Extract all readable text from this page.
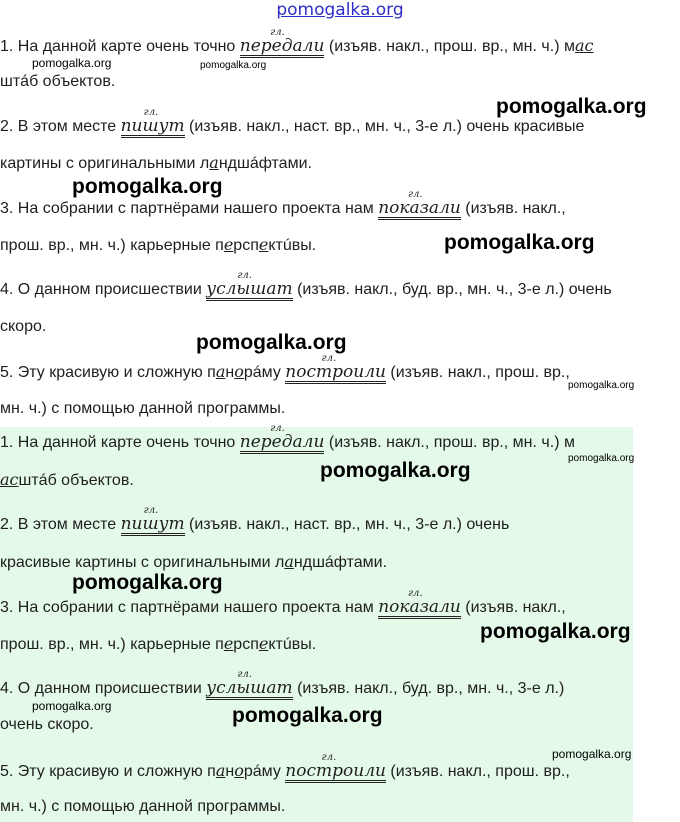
pomogalka.org
1. На данной карте очень точно
гл.
передали (изъяв. накл., прош. вр., мн. ч.) мас
штáб объектов.
2. В этом месте
гл.
пишут (изъяв. накл., наст. вр., мн. ч., 3-е л.) очень красивые
картины с оригинальными ландшáфтами.
3. На собрании с партнёрами нашего проекта нам
гл.
показали (изъяв. накл.,
прош. вр., мн. ч.) карьерные перспектúвы.
4. О данном происшествии
гл.
услышат (изъяв. накл., буд. вр., мн. ч., 3-е л.) очень
скоро.
5. Эту красивую и сложную панорáму
гл.
построили (изъяв. накл., прош. вр.,
мн. ч.) с помощью данной программы.
1. На данной карте очень точно
гл.
передали (изъяв. накл., прош. вр., мн. ч.) м
асштáб объектов.
2. В этом месте
гл.
пишут (изъяв. накл., наст. вр., мн. ч., 3-е л.) очень
красивые картины с оригинальными ландшáфтами.
3. На собрании с партнёрами нашего проекта нам
гл.
показали (изъяв. накл.,
прош. вр., мн. ч.) карьерные перспектúвы.
4. О данном происшествии
гл.
услышат (изъяв. накл., буд. вр., мн. ч., 3-е л.)
очень скоро.
5. Эту красивую и сложную панорáму
гл.
построили (изъяв. накл., прош. вр.,
мн. ч.) с помощью данной программы.
pomogalka.org	pomogalka.org
pomogalka.org
pomogalka.org
pomogalka.org
pomogalka.org
pomogalka.org
pomogalka.org
pomogalka.org
pomogalka.org
pomogalka.org
pomogalka.org	pomogalka.org
pomogalka.org
